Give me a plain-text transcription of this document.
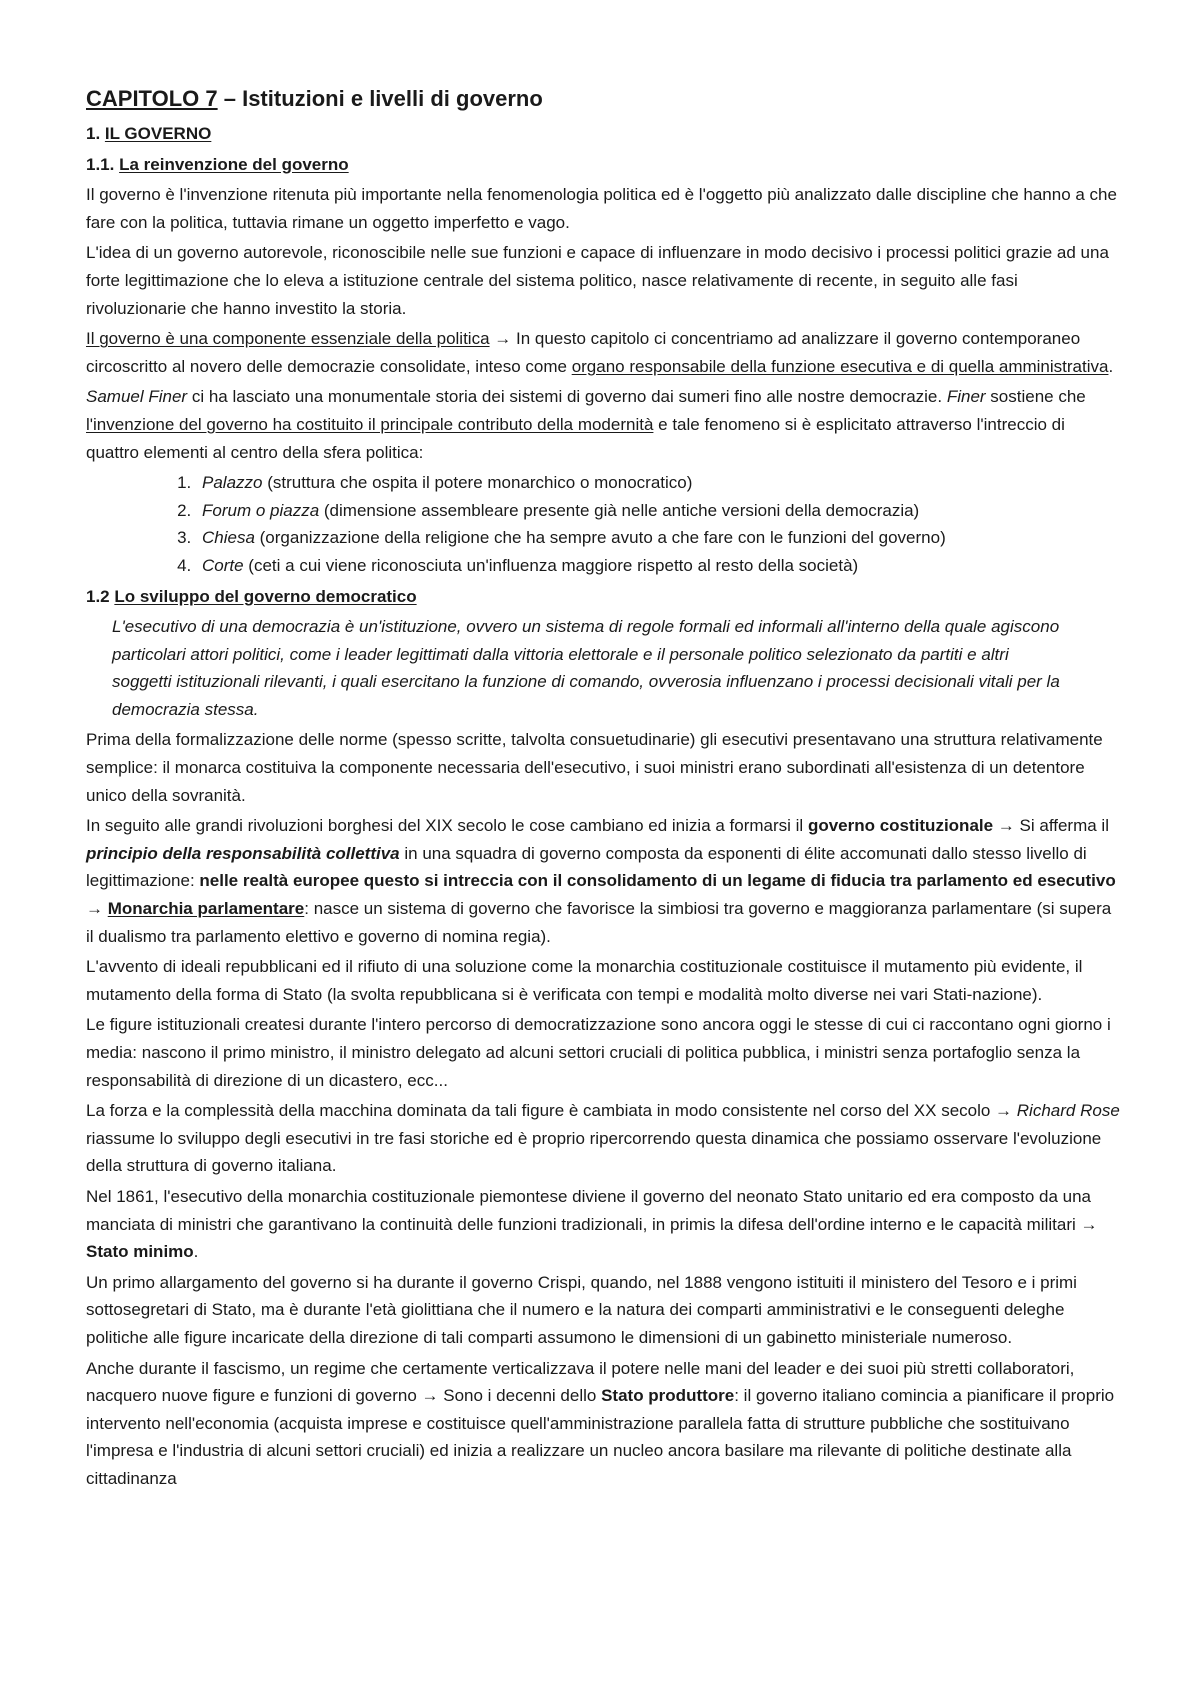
CAPITOLO 7 – Istituzioni e livelli di governo
1. IL GOVERNO
1.1. La reinvenzione del governo

Il governo è l'invenzione ritenuta più importante nella fenomenologia politica ed è l'oggetto più analizzato dalle discipline che hanno a che fare con la politica, tuttavia rimane un oggetto imperfetto e vago.

L'idea di un governo autorevole, riconoscibile nelle sue funzioni e capace di influenzare in modo decisivo i processi politici grazie ad una forte legittimazione che lo eleva a istituzione centrale del sistema politico, nasce relativamente di recente, in seguito alle fasi rivoluzionarie che hanno investito la storia.

Il governo è una componente essenziale della politica → In questo capitolo ci concentriamo ad analizzare il governo contemporaneo circoscritto al novero delle democrazie consolidate, inteso come organo responsabile della funzione esecutiva e di quella amministrativa.

Samuel Finer ci ha lasciato una monumentale storia dei sistemi di governo dai sumeri fino alle nostre democrazie. Finer sostiene che l'invenzione del governo ha costituito il principale contributo della modernità e tale fenomeno si è esplicitato attraverso l'intreccio di quattro elementi al centro della sfera politica:

1. Palazzo (struttura che ospita il potere monarchico o monocratico)
2. Forum o piazza (dimensione assembleare presente già nelle antiche versioni della democrazia)
3. Chiesa (organizzazione della religione che ha sempre avuto a che fare con le funzioni del governo)
4. Corte (ceti a cui viene riconosciuta un'influenza maggiore rispetto al resto della società)
1.2 Lo sviluppo del governo democratico
L'esecutivo di una democrazia è un'istituzione, ovvero un sistema di regole formali ed informali all'interno della quale agiscono particolari attori politici, come i leader legittimati dalla vittoria elettorale e il personale politico selezionato da partiti e altri soggetti istituzionali rilevanti, i quali esercitano la funzione di comando, ovverosia influenzano i processi decisionali vitali per la democrazia stessa.

Prima della formalizzazione delle norme (spesso scritte, talvolta consuetudinarie) gli esecutivi presentavano una struttura relativamente semplice: il monarca costituiva la componente necessaria dell'esecutivo, i suoi ministri erano subordinati all'esistenza di un detentore unico della sovranità.

In seguito alle grandi rivoluzioni borghesi del XIX secolo le cose cambiano ed inizia a formarsi il governo costituzionale → Si afferma il principio della responsabilità collettiva in una squadra di governo composta da esponenti di élite accomunati dallo stesso livello di legittimazione: nelle realtà europee questo si intreccia con il consolidamento di un legame di fiducia tra parlamento ed esecutivo → Monarchia parlamentare: nasce un sistema di governo che favorisce la simbiosi tra governo e maggioranza parlamentare (si supera il dualismo tra parlamento elettivo e governo di nomina regia).

L'avvento di ideali repubblicani ed il rifiuto di una soluzione come la monarchia costituzionale costituisce il mutamento più evidente, il mutamento della forma di Stato (la svolta repubblicana si è verificata con tempi e modalità molto diverse nei vari Stati-nazione).

Le figure istituzionali createsi durante l'intero percorso di democratizzazione sono ancora oggi le stesse di cui ci raccontano ogni giorno i media: nascono il primo ministro, il ministro delegato ad alcuni settori cruciali di politica pubblica, i ministri senza portafoglio senza la responsabilità di direzione di un dicastero, ecc...

La forza e la complessità della macchina dominata da tali figure è cambiata in modo consistente nel corso del XX secolo → Richard Rose riassume lo sviluppo degli esecutivi in tre fasi storiche ed è proprio ripercorrendo questa dinamica che possiamo osservare l'evoluzione della struttura di governo italiana.

Nel 1861, l'esecutivo della monarchia costituzionale piemontese diviene il governo del neonato Stato unitario ed era composto da una manciata di ministri che garantivano la continuità delle funzioni tradizionali, in primis la difesa dell'ordine interno e le capacità militari → Stato minimo.

Un primo allargamento del governo si ha durante il governo Crispi, quando, nel 1888 vengono istituiti il ministero del Tesoro e i primi sottosegretari di Stato, ma è durante l'età giolittiana che il numero e la natura dei comparti amministrativi e le conseguenti deleghe politiche alle figure incaricate della direzione di tali comparti assumono le dimensioni di un gabinetto ministeriale numeroso.

Anche durante il fascismo, un regime che certamente verticalizzava il potere nelle mani del leader e dei suoi più stretti collaboratori, nacquero nuove figure e funzioni di governo → Sono i decenni dello Stato produttore: il governo italiano comincia a pianificare il proprio intervento nell'economia (acquista imprese e costituisce quell'amministrazione parallela fatta di strutture pubbliche che sostituivano l'impresa e l'industria di alcuni settori cruciali) ed inizia a realizzare un nucleo ancora basilare ma rilevante di politiche destinate alla cittadinanza
